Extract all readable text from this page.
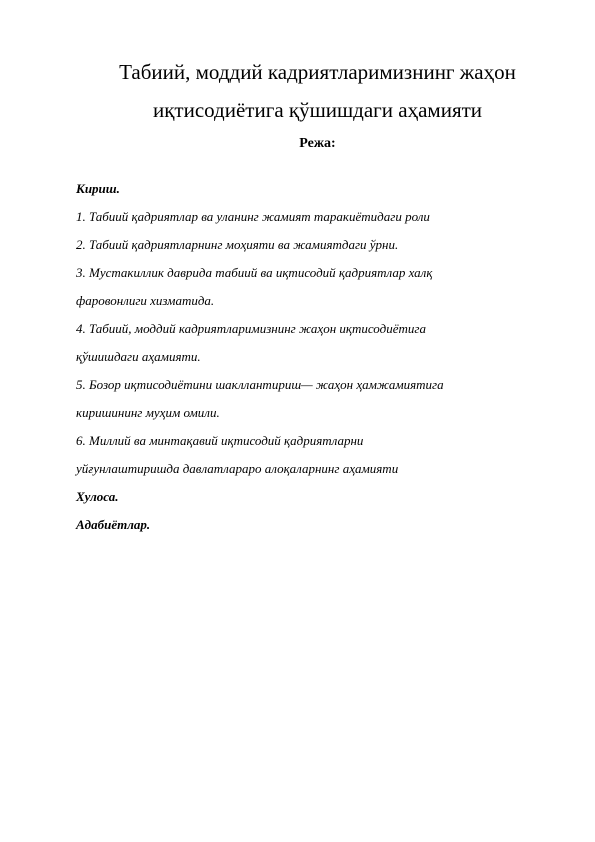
Табиий, моддий кадриятларимизнинг жаҳон
иқтисодиётига қўшишдаги аҳамияти
Режа:
Кириш.
1. Табиий қадриятлар ва уланинг жамият таракиётидаги роли
2. Табиий қадриятларнинг моҳияти ва жамиятдаги ўрни.
3. Мустакиллик даврида табиий ва иқтисодий қадриятлар халқ
фаровонлиги хизматида.
4. Табиий, моддий кадриятларимизнинг жаҳон иқтисодиётига
қўшишдаги аҳамияти.
5. Бозор иқтисодиётини шакллантириш— жаҳон ҳамжамиятига
киришининг муҳим омили.
6. Миллий ва минтақавий иқтисодий қадриятларни
уйғунлаштиришда давлатлараро алоқаларнинг аҳамияти
Хулоса.
Адабиётлар.
